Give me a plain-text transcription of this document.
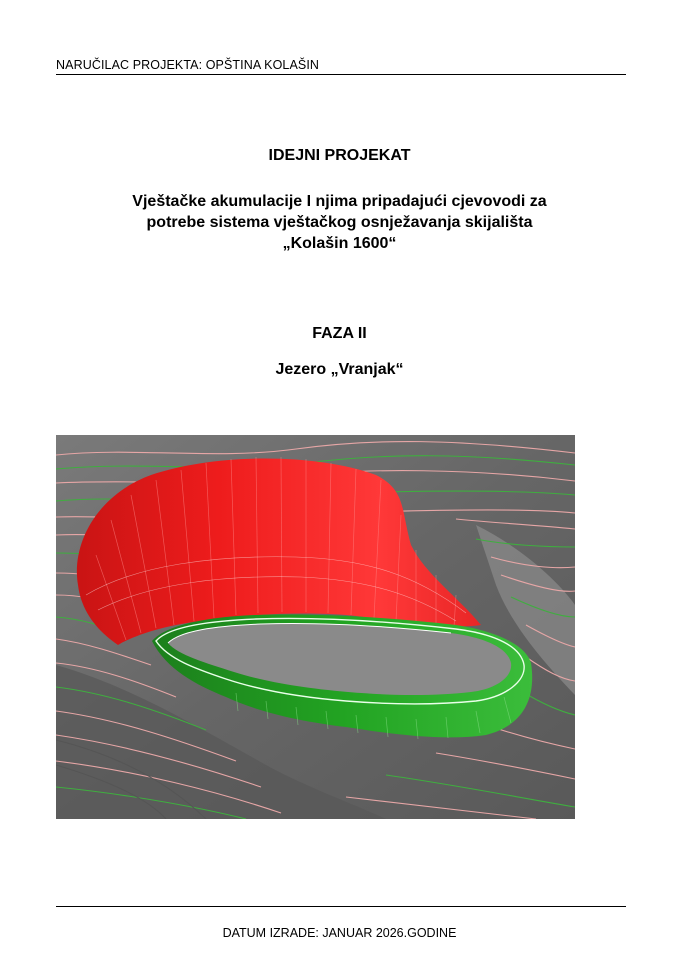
NARUČILAC PROJEKTA: OPŠTINA KOLAŠIN
IDEJNI PROJEKAT
Vještačke akumulacije I njima pripadajući cjevovodi za
potrebe sistema vještačkog osnježavanja skijališta
„Kolašin 1600“
FAZA II
Jezero „Vranjak“
DATUM IZRADE: JANUAR 2026.GODINE
